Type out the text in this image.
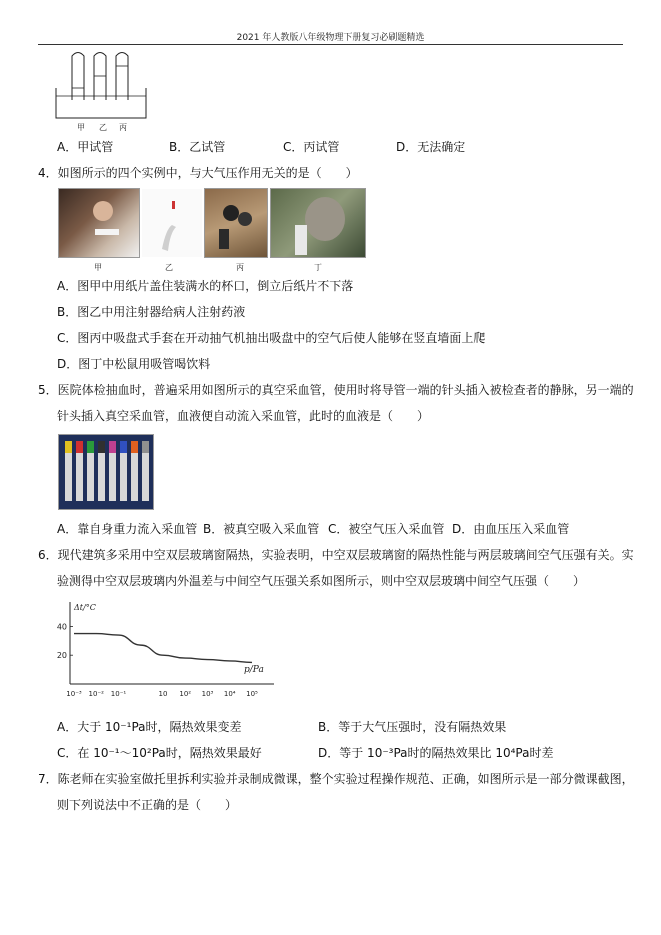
2021 年人教版八年级物理下册复习必刷题精选
甲 乙 丙
A．甲试管	B．乙试管	C．丙试管	D．无法确定
4．如图所示的四个实例中，与大气压作用无关的是（　　）
甲	乙	丙	丁
A．图甲中用纸片盖住装满水的杯口，倒立后纸片不下落
B．图乙中用注射器给病人注射药液
C．图丙中吸盘式手套在开动抽气机抽出吸盘中的空气后使人能够在竖直墙面上爬
D．图丁中松鼠用吸管喝饮料
5．医院体检抽血时，普遍采用如图所示的真空采血管，使用时将导管一端的针头插入被检查者的静脉，另一端的
针头插入真空采血管，血液便自动流入采血管，此时的血液是（　　）
A．靠自身重力流入采血管 B．被真空吸入采血管 C．被空气压入采血管 D．由血压压入采血管
6．现代建筑多采用中空双层玻璃窗隔热，实验表明，中空双层玻璃窗的隔热性能与两层玻璃间空气压强有关。实
验测得中空双层玻璃内外温差与中间空气压强关系如图所示，则中空双层玻璃中间空气压强（　　）
20
40
10⁻³ 10⁻² 10⁻¹	10 10² 10³ 10⁴ 10⁵
Δt/°C
p/Pa
A．大于 10⁻¹Pa时，隔热效果变差	B．等于大气压强时，没有隔热效果
C．在 10⁻¹～10²Pa时，隔热效果最好	D．等于 10⁻³Pa时的隔热效果比 10⁴Pa时差
7．陈老师在实验室做托里拆利实验并录制成微课，整个实验过程操作规范、正确，如图所示是一部分微课截图，
则下列说法中不正确的是（　　）
